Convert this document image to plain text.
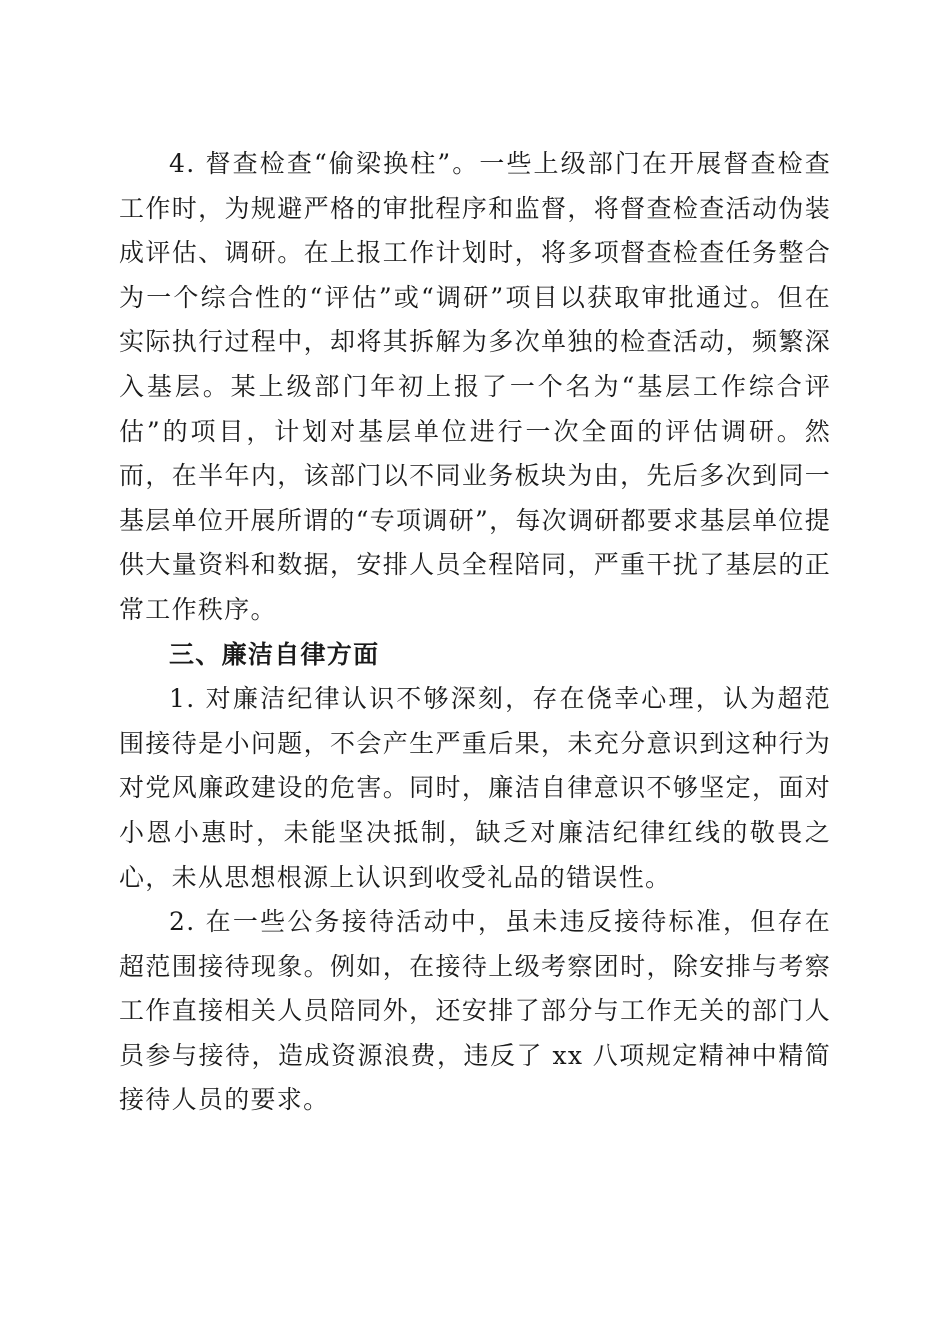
4. 督查检查“偷梁换柱”。一些上级部门在开展督查检查工作时，为规避严格的审批程序和监督，将督查检查活动伪装成评估、调研。在上报工作计划时，将多项督查检查任务整合为一个综合性的“评估”或“调研”项目以获取审批通过。但在实际执行过程中，却将其拆解为多次单独的检查活动，频繁深入基层。某上级部门年初上报了一个名为“基层工作综合评估”的项目，计划对基层单位进行一次全面的评估调研。然而，在半年内，该部门以不同业务板块为由，先后多次到同一基层单位开展所谓的“专项调研”，每次调研都要求基层单位提供大量资料和数据，安排人员全程陪同，严重干扰了基层的正常工作秩序。

三、廉洁自律方面

1. 对廉洁纪律认识不够深刻，存在侥幸心理，认为超范围接待是小问题，不会产生严重后果，未充分意识到这种行为对党风廉政建设的危害。同时，廉洁自律意识不够坚定，面对小恩小惠时，未能坚决抵制，缺乏对廉洁纪律红线的敬畏之心，未从思想根源上认识到收受礼品的错误性。

2. 在一些公务接待活动中，虽未违反接待标准，但存在超范围接待现象。例如，在接待上级考察团时，除安排与考察工作直接相关人员陪同外，还安排了部分与工作无关的部门人员参与接待，造成资源浪费，违反了 xx 八项规定精神中精简接待人员的要求。
